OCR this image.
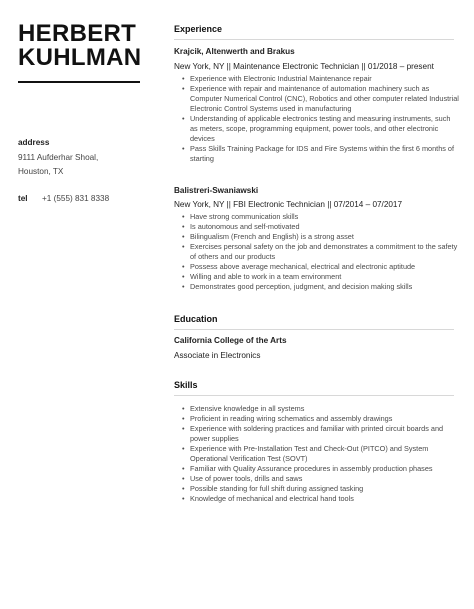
HERBERT
KUHLMAN
address
9111 Aufderhar Shoal,
Houston, TX
tel +1 (555) 831 8338
Experience
Krajcik, Altenwerth and Brakus
New York, NY || Maintenance Electronic Technician || 01/2018 – present
• Experience with Electronic Industrial Maintenance repair
• Experience with repair and maintenance of automation machinery such as Computer Numerical Control (CNC), Robotics and other computer related Industrial Electronic Control Systems used in manufacturing
• Understanding of applicable electronics testing and measuring instruments, such as meters, scope, programming equipment, power tools, and other electronic devices
• Pass Skills Training Package for IDS and Fire Systems within the first 6 months of starting
Balistreri-Swaniawski
New York, NY || FBI Electronic Technician || 07/2014 – 07/2017
• Have strong communication skills
• Is autonomous and self-motivated
• Bilingualism (French and English) is a strong asset
• Exercises personal safety on the job and demonstrates a commitment to the safety of others and our products
• Possess above average mechanical, electrical and electronic aptitude
• Willing and able to work in a team environment
• Demonstrates good perception, judgment, and decision making skills
Education
California College of the Arts
Associate in Electronics
Skills
• Extensive knowledge in all systems
• Proficient in reading wiring schematics and assembly drawings
• Experience with soldering practices and familiar with printed circuit boards and power supplies
• Experience with Pre-Installation Test and Check-Out (PITCO) and System Operational Verification Test (SOVT)
• Familiar with Quality Assurance procedures in assembly production phases
• Use of power tools, drills and saws
• Possible standing for full shift during assigned tasking
• Knowledge of mechanical and electrical hand tools
